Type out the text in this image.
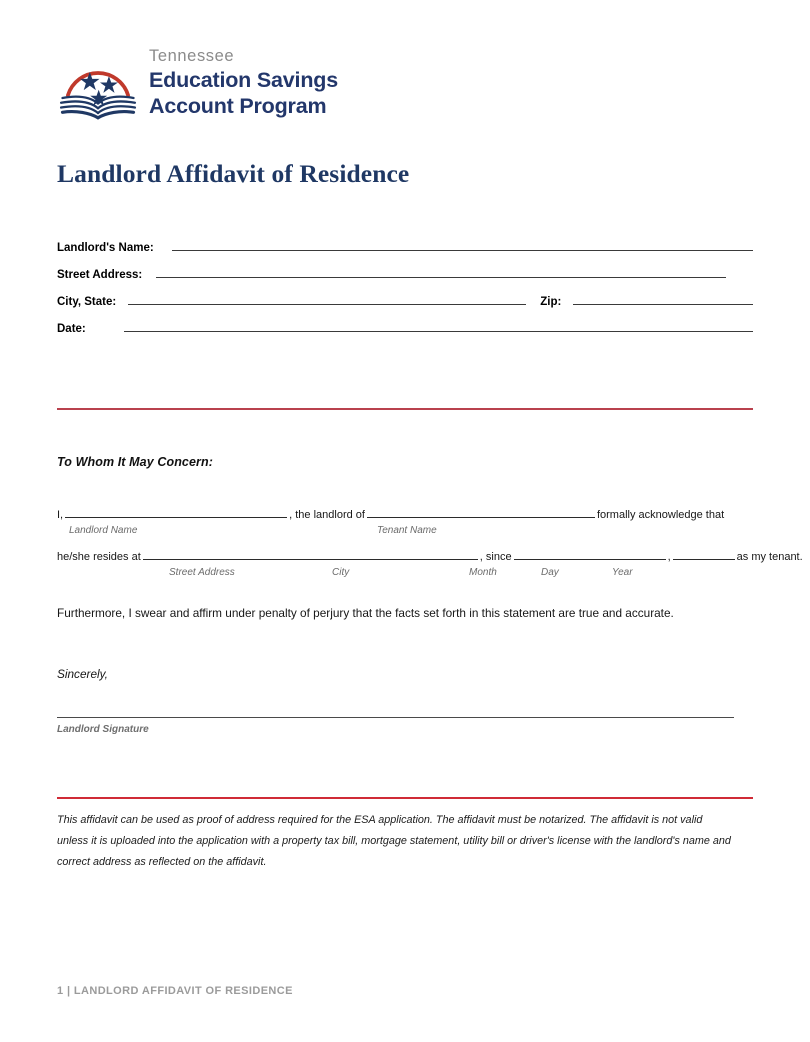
Tennessee
Education Savings
Account Program
Landlord Affidavit of Residence
Landlord's Name:
Street Address:
City, State:	Zip:
Date:
To Whom It May Concern:
I,	, the landlord of	formally acknowledge that
Landlord Name	Tenant Name
he/she resides at	, since	,	as my tenant.
Street Address	City	Month	Day	Year
Furthermore, I swear and affirm under penalty of perjury that the facts set forth in this statement are true and accurate.
Sincerely,
Landlord Signature
This affidavit can be used as proof of address required for the ESA application. The affidavit must be notarized. The affidavit is not valid unless it is uploaded into the application with a property tax bill, mortgage statement, utility bill or driver's license with the landlord's name and correct address as reflected on the affidavit.
1 | LANDLORD AFFIDAVIT OF RESIDENCE
